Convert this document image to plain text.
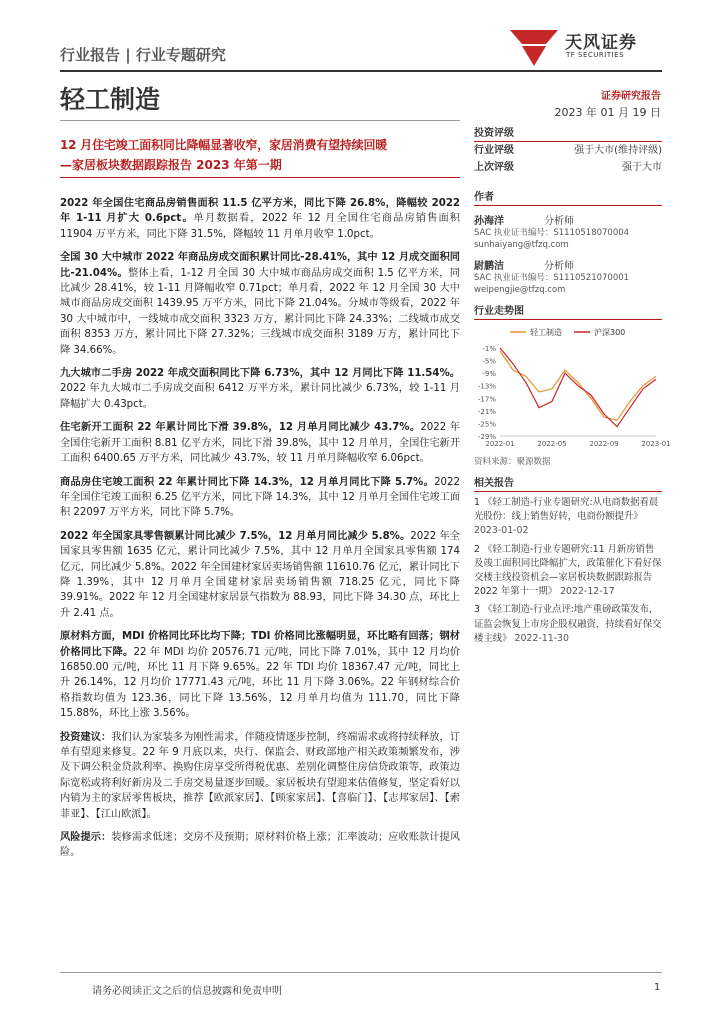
行业报告 | 行业专题研究
天风证券
TF SECURITIES
轻工制造	证券研究报告
2023 年 01 月 19 日
12 月住宅竣工面积同比降幅显著收窄，家居消费有望持续回暖
—家居板块数据跟踪报告 2023 年第一期

2022 年全国住宅商品房销售面积 11.5 亿平方米，同比下降 26.8%，降幅较 2022 年 1-11 月扩大 0.6pct。单月数据看，2022 年 12 月全国住宅商品房销售面积 11904 万平方米，同比下降 31.5%，降幅较 11 月单月收窄 1.0pct。

全国 30 大中城市 2022 年商品房成交面积累计同比-28.41%，其中 12 月成交面积同比-21.04%。整体上看，1-12 月全国 30 大中城市商品房成交面积 1.5 亿平方米，同比减少 28.41%，较 1-11 月降幅收窄 0.71pct；单月看，2022 年 12 月全国 30 大中城市商品房成交面积 1439.95 万平方米，同比下降 21.04%。分城市等级看，2022 年 30 大中城市中，一线城市成交面积 3323 万方，累计同比下降 24.33%；二线城市成交面积 8353 万方，累计同比下降 27.32%；三线城市成交面积 3189 万方，累计同比下降 34.66%。

九大城市二手房 2022 年成交面积同比下降 6.73%，其中 12 月同比下降 11.54%。2022 年九大城市二手房成交面积 6412 万平方米，累计同比减少 6.73%，较 1-11 月降幅扩大 0.43pct。

住宅新开工面积 22 年累计同比下滑 39.8%，12 月单月同比减少 43.7%。2022 年全国住宅新开工面积 8.81 亿平方米，同比下滑 39.8%，其中 12 月单月，全国住宅新开工面积 6400.65 万平方米，同比减少 43.7%，较 11 月单月降幅收窄 6.06pct。

商品房住宅竣工面积 22 年累计同比下降 14.3%，12 月单月同比下降 5.7%。2022 年全国住宅竣工面积 6.25 亿平方米，同比下降 14.3%，其中 12 月单月全国住宅竣工面积 22097 万平方米，同比下降 5.7%。

2022 年全国家具零售额累计同比减少 7.5%，12 月单月同比减少 5.8%。2022 年全国家具零售额 1635 亿元，累计同比减少 7.5%，其中 12 月单月全国家具零售额 174 亿元，同比减少 5.8%。2022 年全国建材家居卖场销售额 11610.76 亿元，累计同比下降 1.39%，其中 12 月单月全国建材家居卖场销售额 718.25 亿元，同比下降 39.91%。2022 年 12 月全国建材家居景气指数为 88.93，同比下降 34.30 点，环比上升 2.41 点。

原材料方面，MDI 价格同比环比均下降；TDI 价格同比涨幅明显，环比略有回落；钢材价格同比下降。22 年 MDI 均价 20576.71 元/吨，同比下降 7.01%，其中 12 月均价 16850.00 元/吨，环比 11 月下降 9.65%。22 年 TDI 均价 18367.47 元/吨，同比上升 26.14%，12 月均价 17771.43 元/吨，环比 11 月下降 3.06%。22 年钢材综合价格指数均值为 123.36，同比下降 13.56%，12 月单月均值为 111.70，同比下降 15.88%，环比上涨 3.56%。

投资建议：我们认为家装多为刚性需求，伴随疫情逐步控制，终端需求或将持续释放，订单有望迎来修复。22 年 9 月底以来，央行、保监会、财政部地产相关政策频繁发布，涉及下调公积金贷款利率、换购住房享受所得税优惠、差别化调整住房信贷政策等，政策边际宽松或将利好新房及二手房交易量逐步回暖。家居板块有望迎来估值修复，坚定看好以内销为主的家居零售板块，推荐【欧派家居】、【顾家家居】、【喜临门】、【志邦家居】、【索菲亚】、【江山欧派】。

风险提示：装修需求低迷；交房不及预期；原材料价格上涨；汇率波动；应收账款计提风险。

投资评级
行业评级	强于大市(维持评级)
上次评级	强于大市
作者
孙海洋	分析师
SAC 执业证书编号：S1110518070004
sunhaiyang@tfzq.com
尉鹏洁	分析师
SAC 执业证书编号：S1110521070001
weipengjie@tfzq.com
行业走势图
轻工制造	沪深300
-1%
-5%
-9%
-13%
-17%
-21%
-25%
-29%
2022-01	2022-05	2022-09	2023-01
资料来源：聚源数据
相关报告
1 《轻工制造-行业专题研究:从电商数据看晨光股份：线上销售好转，电商份额提升》 2023-01-02
2 《轻工制造-行业专题研究:11 月新房销售及竣工面积同比降幅扩大，政策催化下看好保交楼主线投资机会—家居板块数据跟踪报告 2022 年第十一期》 2022-12-17
3 《轻工制造-行业点评:地产重磅政策发布，证监会恢复上市房企股权融资，持续看好保交楼主线》 2022-11-30
请务必阅读正文之后的信息披露和免责申明	1
